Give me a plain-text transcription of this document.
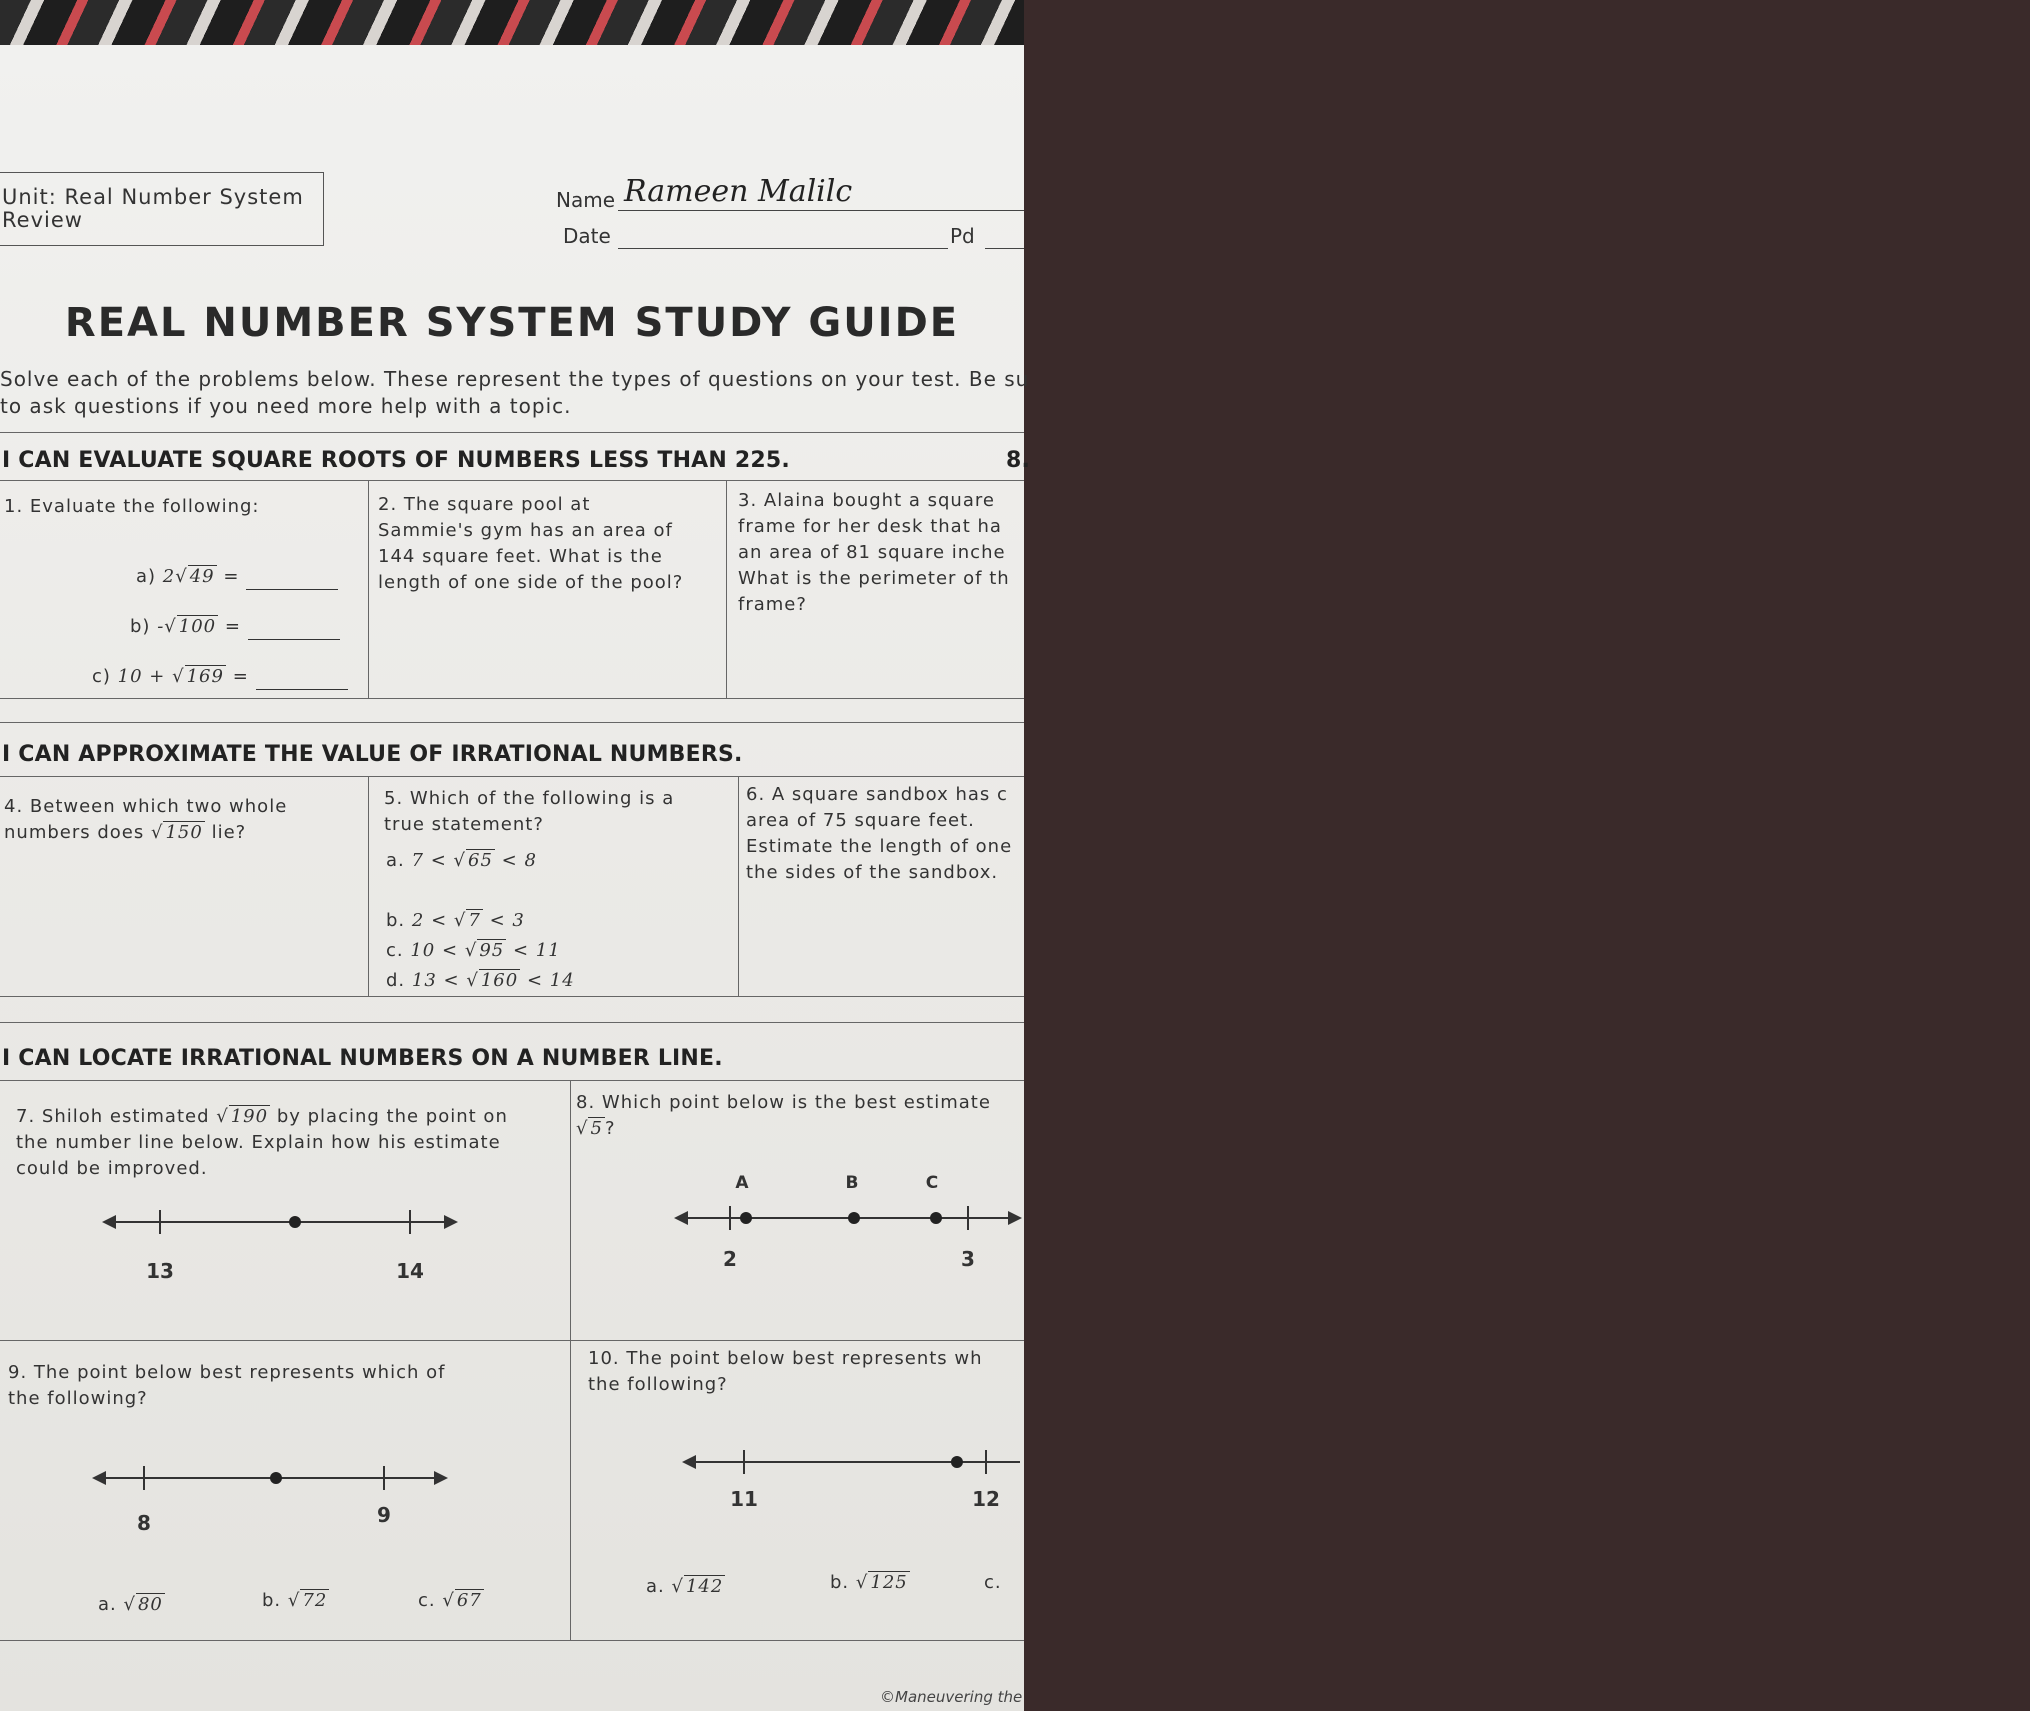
Unit: Real Number System
Review
Name Rameen Malilc
Date	Pd
REAL NUMBER SYSTEM STUDY GUIDE
Solve each of the problems below. These represent the types of questions on your test. Be su
to ask questions if you need more help with a topic.
I CAN EVALUATE SQUARE ROOTS OF NUMBERS LESS THAN 225.	8.
1. Evaluate the following:
a) 2√ 49 =
b) -√ 100 =
c) 10 + √ 169 =
2. The square pool at
Sammie's gym has an area of
144 square feet. What is the
length of one side of the pool?
3. Alaina bought a square
frame for her desk that ha
an area of 81 square inche
What is the perimeter of th
frame?
I CAN APPROXIMATE THE VALUE OF IRRATIONAL NUMBERS.
4. Between which two whole
numbers does √ 150 lie?
5. Which of the following is a
true statement?
a. 7 < √ 65 < 8
b. 2 < √ 7 < 3
c. 10 < √ 95 < 11
d. 13 < √ 160 < 14
6. A square sandbox has c
area of 75 square feet.
Estimate the length of one
the sides of the sandbox.
I CAN LOCATE IRRATIONAL NUMBERS ON A NUMBER LINE.
7. Shiloh estimated √ 190 by placing the point on
the number line below. Explain how his estimate
could be improved.
13	14
8. Which point below is the best estimate
√ 5 ?
A	B	C
2	3
9. The point below best represents which of
the following?
8	9
a. √ 80	b. √ 72	c. √ 67
10. The point below best represents wh
the following?
11	12
a. √ 142	b. √ 125	c.
©Maneuvering the
